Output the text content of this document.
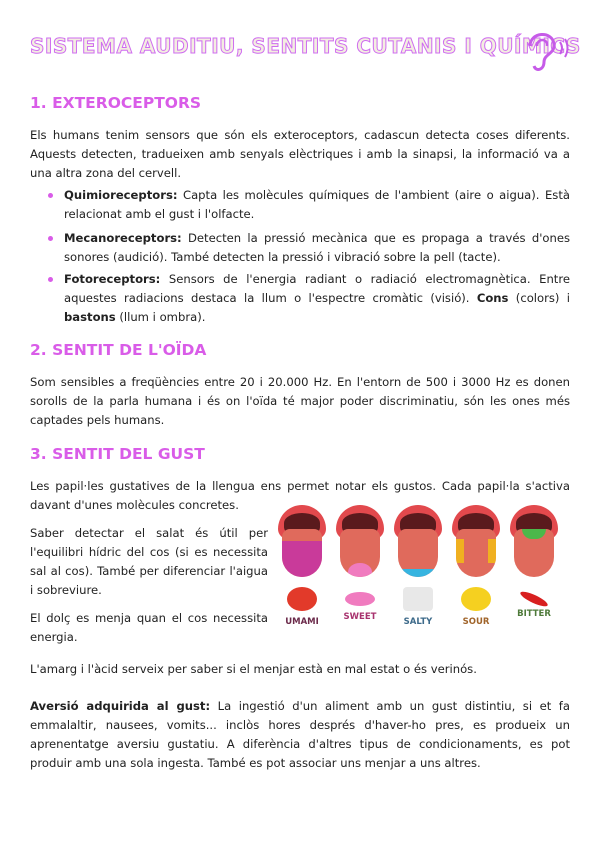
SISTEMA AUDITIU, SENTITS CUTANIS I QUÍMICS
1. EXTEROCEPTORS

Els humans tenim sensors que són els exteroceptors, cadascun detecta coses diferents. Aquests detecten, tradueixen amb senyals elèctriques i amb la sinapsi, la informació va a una altra zona del cervell.

Quimioreceptors: Capta les molècules químiques de l'ambient (aire o aigua). Està relacionat amb el gust i l'olfacte.
Mecanoreceptors: Detecten la pressió mecànica que es propaga a través d'ones sonores (audició). També detecten la pressió i vibració sobre la pell (tacte).
Fotoreceptors: Sensors de l'energia radiant o radiació electromagnètica. Entre aquestes radiacions destaca la llum o l'espectre cromàtic (visió). Cons (colors) i bastons (llum i ombra).
2. SENTIT DE L'OÏDA

Som sensibles a freqüències entre 20 i 20.000 Hz. En l'entorn de 500 i 3000 Hz es donen sorolls de la parla humana i és on l'oïda té major poder discriminatiu, són les ones més captades pels humans.

3. SENTIT DEL GUST

Les papil·les gustatives de la llengua ens permet notar els gustos. Cada papil·la s'activa davant d'unes molècules concretes.

Saber detectar el salat és útil per l'equilibri hídric del cos (si es necessita sal al cos). També per diferenciar l'aigua i sobreviure.

El dolç es menja quan el cos necessita energia.

UMAMI	SWEET	SALTY	SOUR
BITTER

L'amarg i l'àcid serveix per saber si el menjar està en mal estat o és verinós.

Aversió adquirida al gust: La ingestió d'un aliment amb un gust distintiu, si et fa emmalaltir, nausees, vomits... inclòs hores després d'haver-ho pres, es produeix un aprenentatge aversiu gustatiu. A diferència d'altres tipus de condicionaments, es pot produir amb una sola ingesta. També es pot associar uns menjar a uns altres.
